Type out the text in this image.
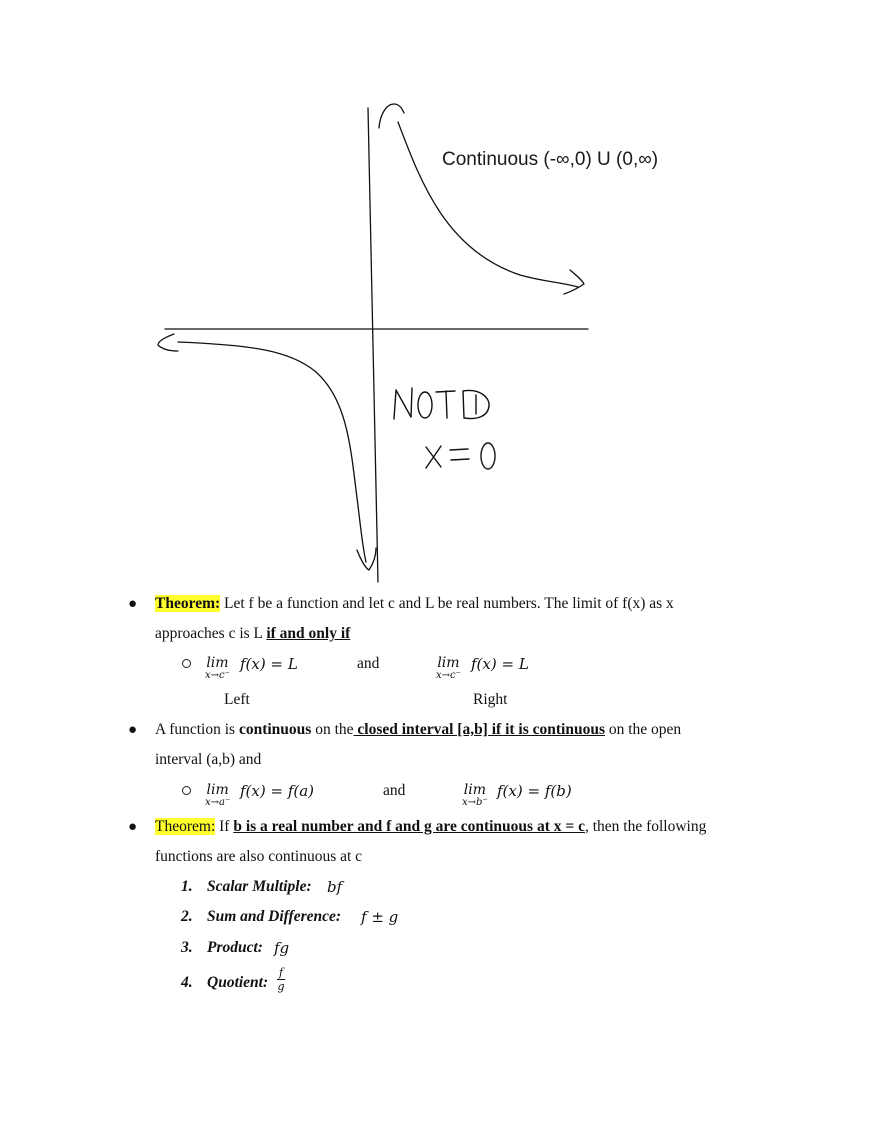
Continuous (-∞,0) U (0,∞)
● Theorem: Let f be a function and let c and L be real numbers. The limit of f(x) as x
approaches c is L if and only if
lim
x→c⁻
f(x) = L	and	lim
x→c⁻
f(x) = L
Left	Right
● A function is continuous on the closed interval [a,b] if it is continuous on the open
interval (a,b) and
lim
x→a⁻
f(x) = f(a)	and	lim
x→b⁻
f(x) = f(b)
● Theorem: If b is a real number and f and g are continuous at x = c, then the following
functions are also continuous at c
1. Scalar Multiple: bf
2. Sum and Difference: f ± g
3. Product: fg
4. Quotient:
f
g
